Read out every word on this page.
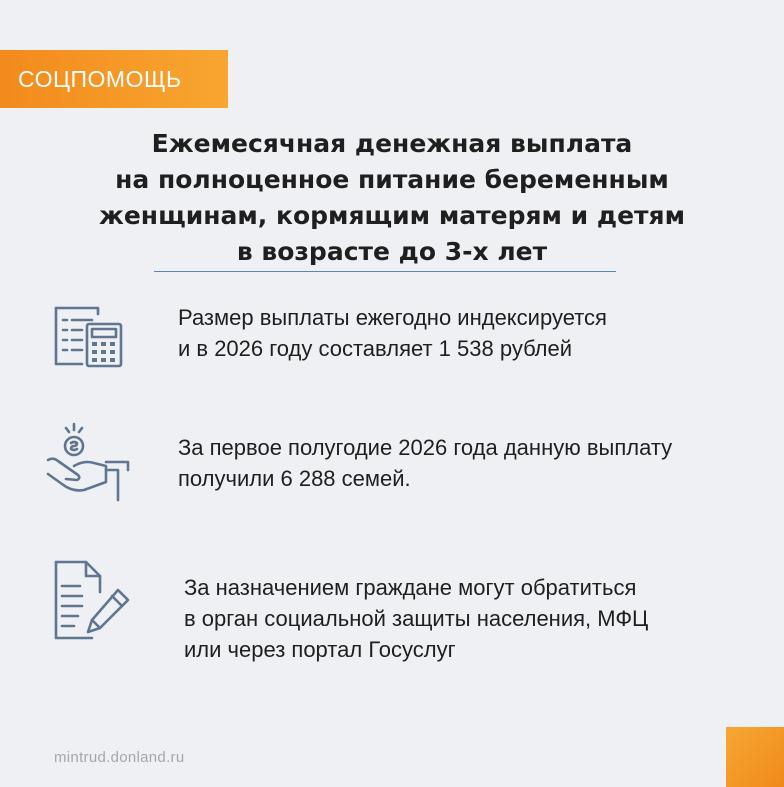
СОЦПОМОЩЬ
Ежемесячная денежная выплата
на полноценное питание беременным
женщинам, кормящим матерям и детям
в возрасте до 3-х лет
Размер выплаты ежегодно индексируется
и в 2026 году составляет 1 538 рублей
За первое полугодие 2026 года данную выплату
получили 6 288 семей.
За назначением граждане могут обратиться
в орган социальной защиты населения, МФЦ
или через портал Госуслуг
mintrud.donland.ru
